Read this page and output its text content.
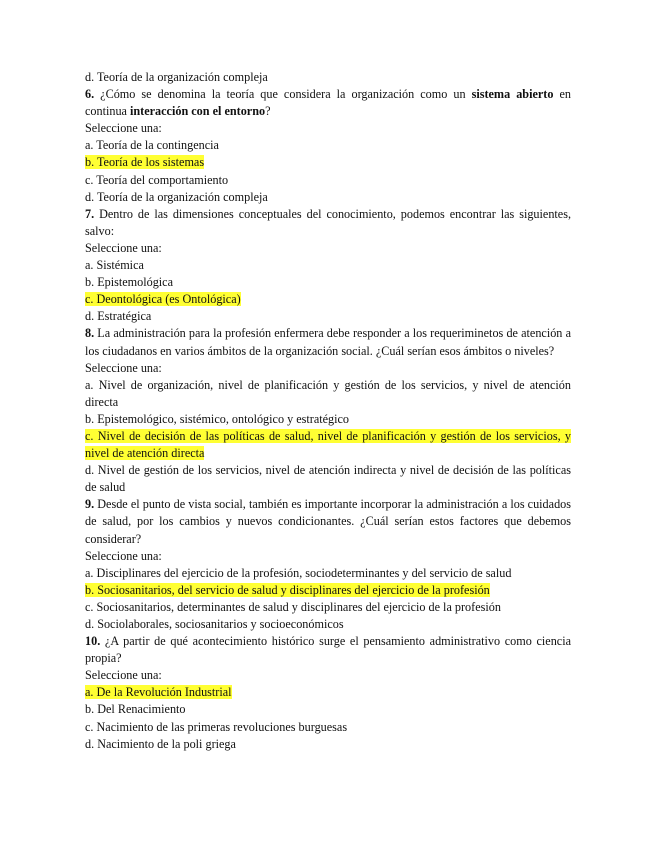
d. Teoría de la organización compleja
6. ¿Cómo se denomina la teoría que considera la organización como un sistema abierto en continua interacción con el entorno?
Seleccione una:
a. Teoría de la contingencia
b. Teoría de los sistemas
c. Teoría del comportamiento
d. Teoría de la organización compleja
7. Dentro de las dimensiones conceptuales del conocimiento, podemos encontrar las siguientes, salvo:
Seleccione una:
a. Sistémica
b. Epistemológica
c. Deontológica (es Ontológica)
d. Estratégica
8. La administración para la profesión enfermera debe responder a los requeriminetos de atención a los ciudadanos en varios ámbitos de la organización social. ¿Cuál serían esos ámbitos o niveles?
Seleccione una:
a. Nivel de organización, nivel de planificación y gestión de los servicios, y nivel de atención directa
b. Epistemológico, sistémico, ontológico y estratégico
c. Nivel de decisión de las políticas de salud, nivel de planificación y gestión de los servicios, y nivel de atención directa
d. Nivel de gestión de los servicios, nivel de atención indirecta y nivel de decisión de las políticas de salud
9. Desde el punto de vista social, también es importante incorporar la administración a los cuidados de salud, por los cambios y nuevos condicionantes. ¿Cuál serían estos factores que debemos considerar?
Seleccione una:
a. Disciplinares del ejercicio de la profesión, sociodeterminantes y del servicio de salud
b. Sociosanitarios, del servicio de salud y disciplinares del ejercicio de la profesión
c. Sociosanitarios, determinantes de salud y disciplinares del ejercicio de la profesión
d. Sociolaborales, sociosanitarios y socioeconómicos
10. ¿A partir de qué acontecimiento histórico surge el pensamiento administrativo como ciencia propia?
Seleccione una:
a. De la Revolución Industrial
b. Del Renacimiento
c. Nacimiento de las primeras revoluciones burguesas
d. Nacimiento de la poli griega
